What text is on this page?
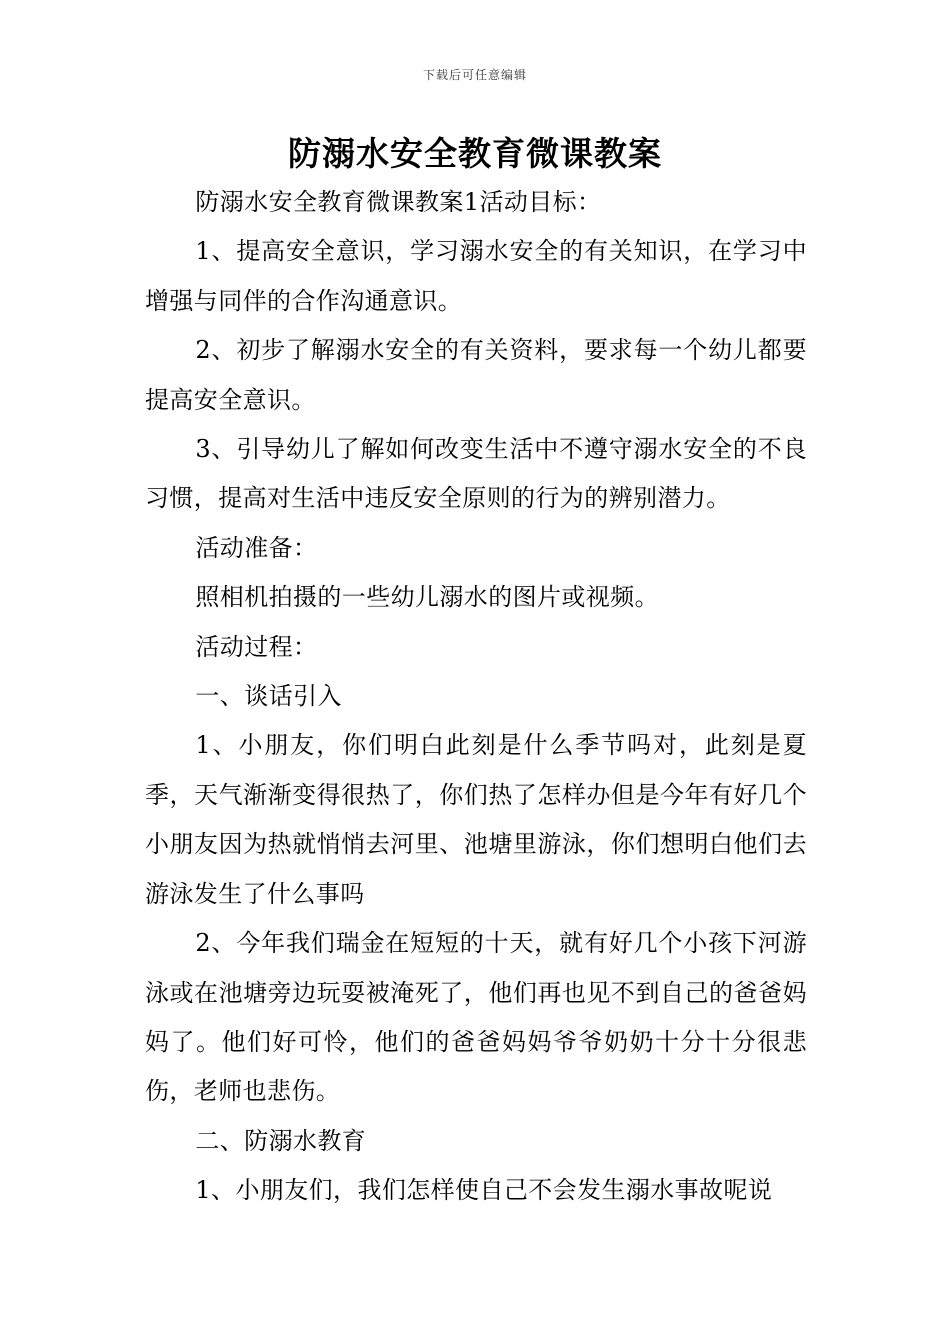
下载后可任意编辑
防溺水安全教育微课教案

防溺水安全教育微课教案1活动目标：

1、提高安全意识，学习溺水安全的有关知识，在学习中增强与同伴的合作沟通意识。

2、初步了解溺水安全的有关资料，要求每一个幼儿都要提高安全意识。

3、引导幼儿了解如何改变生活中不遵守溺水安全的不良习惯，提高对生活中违反安全原则的行为的辨别潜力。

活动准备：

照相机拍摄的一些幼儿溺水的图片或视频。

活动过程：

一、谈话引入

1、小朋友，你们明白此刻是什么季节吗对，此刻是夏季，天气渐渐变得很热了，你们热了怎样办但是今年有好几个小朋友因为热就悄悄去河里、池塘里游泳，你们想明白他们去游泳发生了什么事吗

2、今年我们瑞金在短短的十天，就有好几个小孩下河游泳或在池塘旁边玩耍被淹死了，他们再也见不到自己的爸爸妈妈了。他们好可怜，他们的爸爸妈妈爷爷奶奶十分十分很悲伤，老师也悲伤。

二、防溺水教育

1、小朋友们，我们怎样使自己不会发生溺水事故呢说
